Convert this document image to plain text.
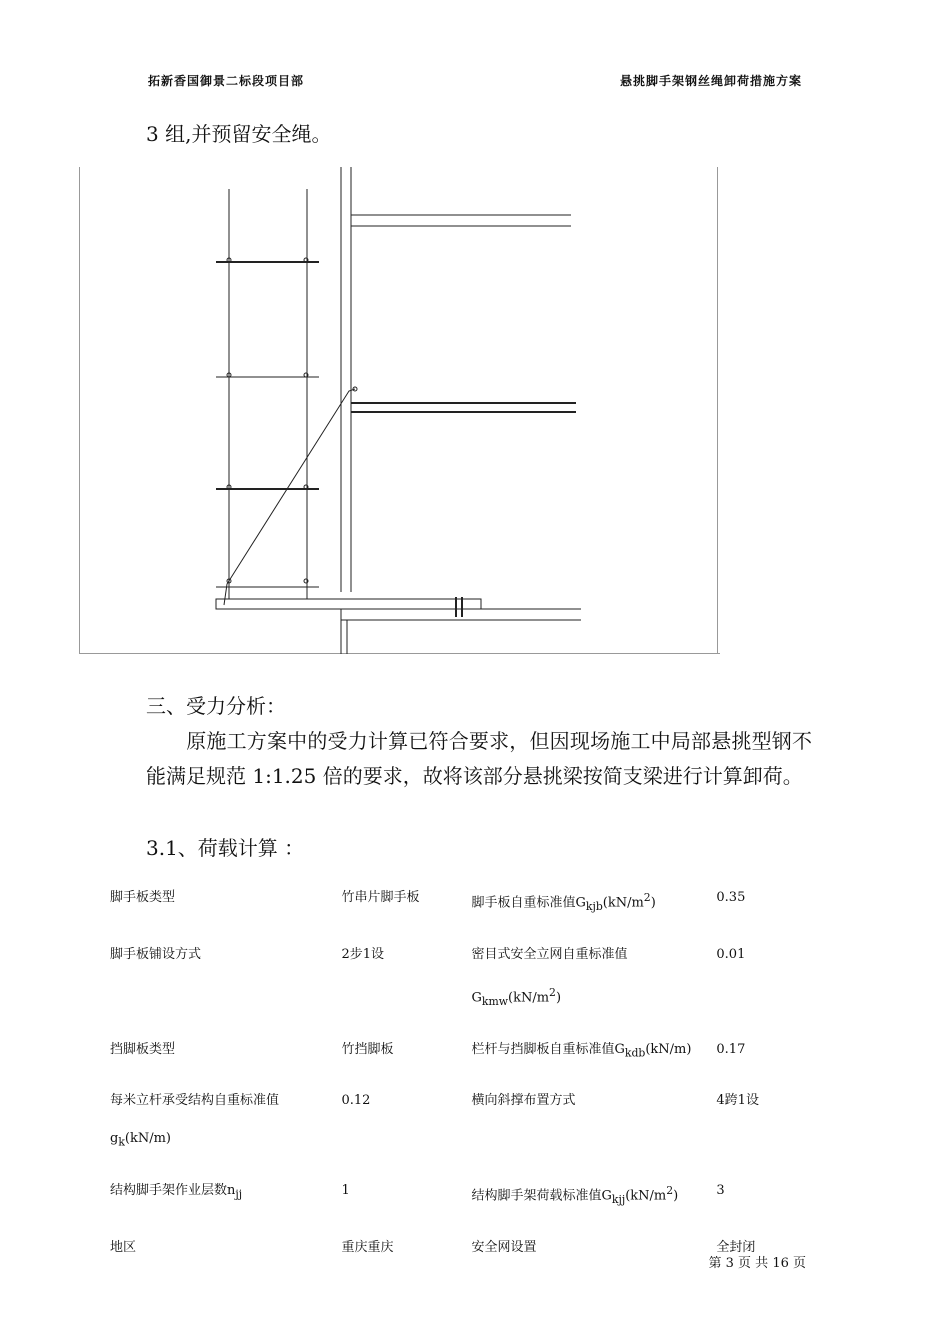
拓新香国御景二标段项目部	悬挑脚手架钢丝绳卸荷措施方案
3 组,并预留安全绳。
三、受力分析：
原施工方案中的受力计算已符合要求，但因现场施工中局部悬挑型钢不能满足规范 1:1.25 倍的要求，故将该部分悬挑梁按简支梁进行计算卸荷。
3.1、荷载计算 ：
脚手板类型	竹串片脚手板	脚手板自重标准值$G_{kjb}(kN/m^2)$	0.35
脚手板铺设方式	2步1设	密目式安全立网自重标准值$G_{kmw}(kN/m^2)$	0.01
挡脚板类型	竹挡脚板	栏杆与挡脚板自重标准值$G_{kdb}(kN/m)$	0.17
每米立杆承受结构自重标准值$g_k(kN/m)$	0.12	横向斜撑布置方式	4跨1设
结构脚手架作业层数$n_{jj}$	1	结构脚手架荷载标准值$G_{kjj}(kN/m^2)$	3
地区	重庆重庆	安全网设置	全封闭
第 3 页 共 16 页
